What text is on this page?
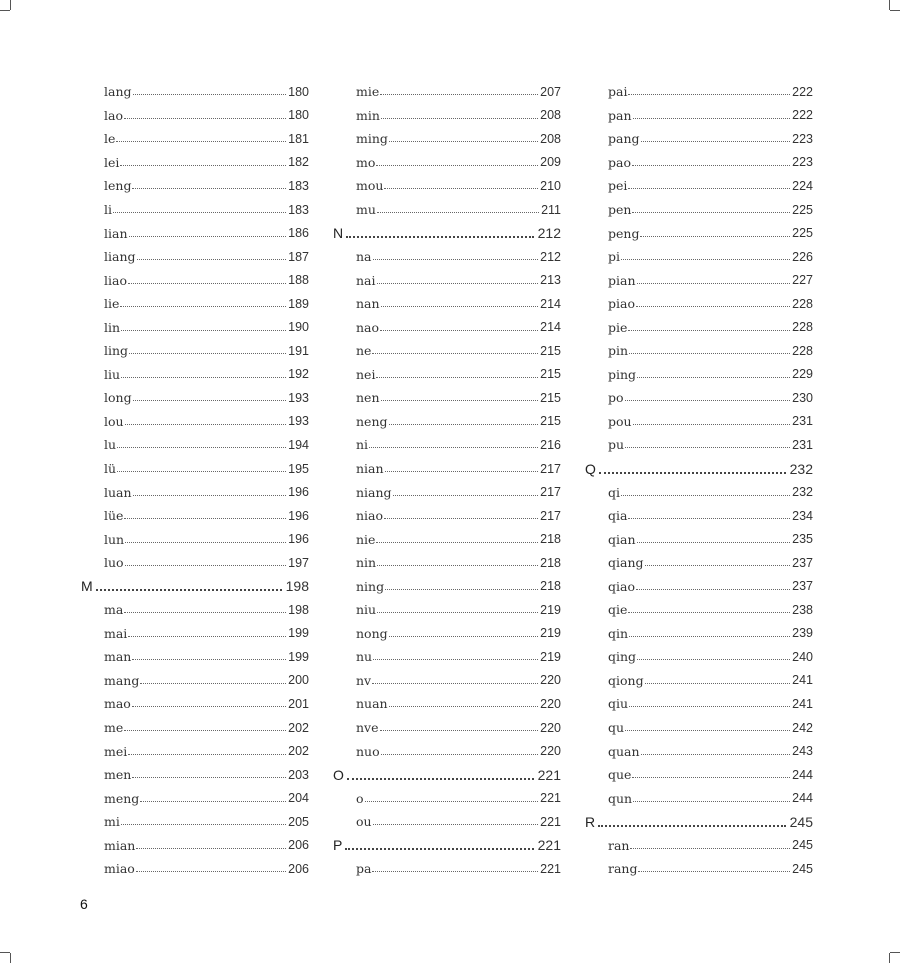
lang	180
lao	180
le	181
lei	182
leng	183
li	183
lian	186
liang	187
liao	188
lie	189
lin	190
ling	191
liu	192
long	193
lou	193
lu	194
lü	195
luan	196
lüe	196
lun	196
luo	197
M	198
ma	198
mai	199
man	199
mang	200
mao	201
me	202
mei	202
men	203
meng	204
mi	205
mian	206
miao	206
mie	207
min	208
ming	208
mo	209
mou	210
mu	211
N	212
na	212
nai	213
nan	214
nao	214
ne	215
nei	215
nen	215
neng	215
ni	216
nian	217
niang	217
niao	217
nie	218
nin	218
ning	218
niu	219
nong	219
nu	219
nv	220
nuan	220
nve	220
nuo	220
O	221
o	221
ou	221
P	221
pa	221
pai	222
pan	222
pang	223
pao	223
pei	224
pen	225
peng	225
pi	226
pian	227
piao	228
pie	228
pin	228
ping	229
po	230
pou	231
pu	231
Q	232
qi	232
qia	234
qian	235
qiang	237
qiao	237
qie	238
qin	239
qing	240
qiong	241
qiu	241
qu	242
quan	243
que	244
qun	244
R	245
ran	245
rang	245
6
